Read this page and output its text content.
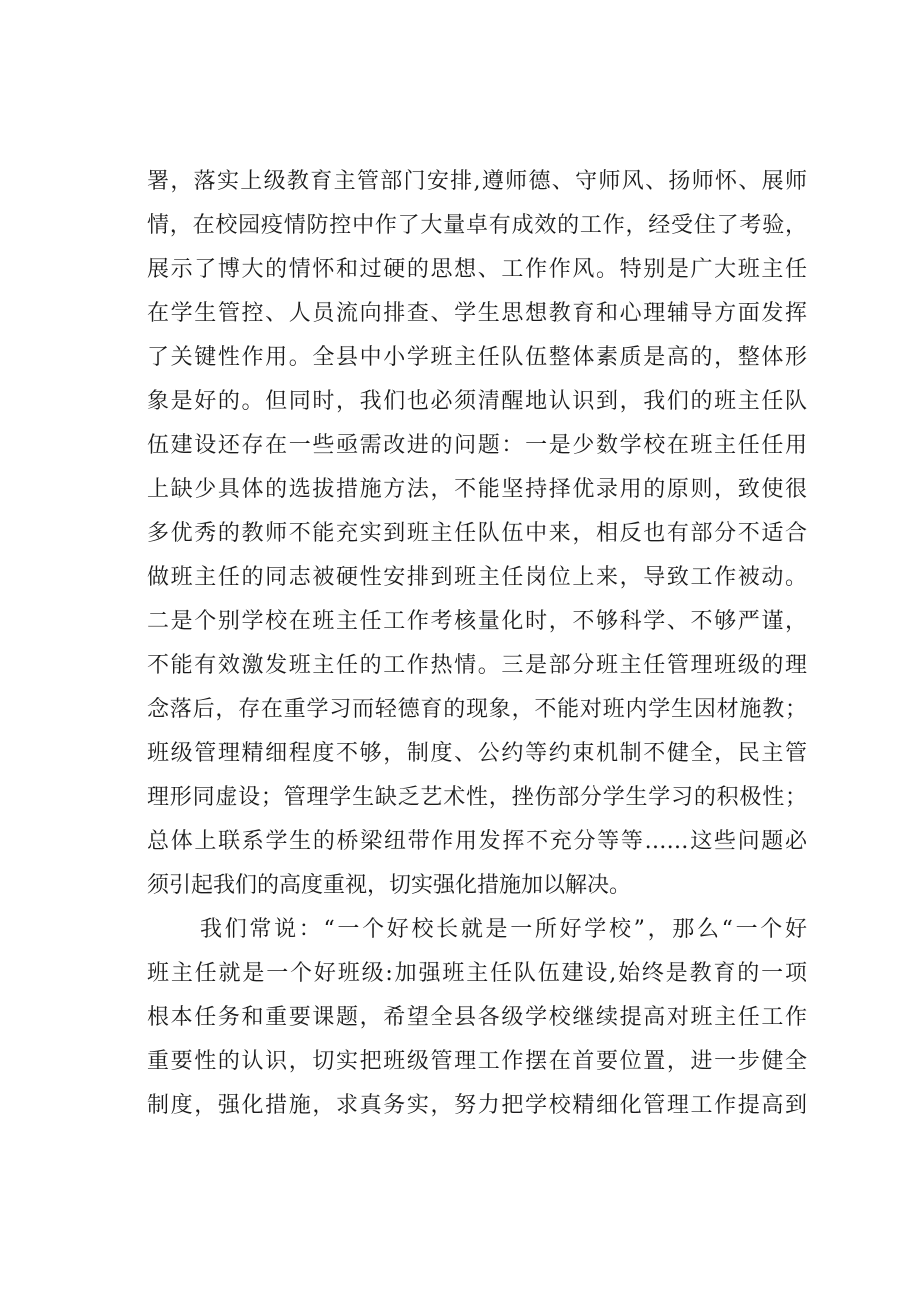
署，落实上级教育主管部门安排,遵师德、守师风、扬师怀、展师
情，在校园疫情防控中作了大量卓有成效的工作，经受住了考验，
展示了博大的情怀和过硬的思想、工作作风。特别是广大班主任
在学生管控、人员流向排查、学生思想教育和心理辅导方面发挥
了关键性作用。全县中小学班主任队伍整体素质是高的，整体形
象是好的。但同时，我们也必须清醒地认识到，我们的班主任队
伍建设还存在一些亟需改进的问题：一是少数学校在班主任任用
上缺少具体的选拔措施方法，不能坚持择优录用的原则，致使很
多优秀的教师不能充实到班主任队伍中来，相反也有部分不适合
做班主任的同志被硬性安排到班主任岗位上来，导致工作被动。
二是个别学校在班主任工作考核量化时，不够科学、不够严谨，
不能有效激发班主任的工作热情。三是部分班主任管理班级的理
念落后，存在重学习而轻德育的现象，不能对班内学生因材施教；
班级管理精细程度不够，制度、公约等约束机制不健全，民主管
理形同虚设；管理学生缺乏艺术性，挫伤部分学生学习的积极性；
总体上联系学生的桥梁纽带作用发挥不充分等等……这些问题必
须引起我们的高度重视，切实强化措施加以解决。
我们常说：“一个好校长就是一所好学校”，那么“一个好
班主任就是一个好班级:加强班主任队伍建设,始终是教育的一项
根本任务和重要课题，希望全县各级学校继续提高对班主任工作
重要性的认识，切实把班级管理工作摆在首要位置，进一步健全
制度，强化措施，求真务实，努力把学校精细化管理工作提高到
